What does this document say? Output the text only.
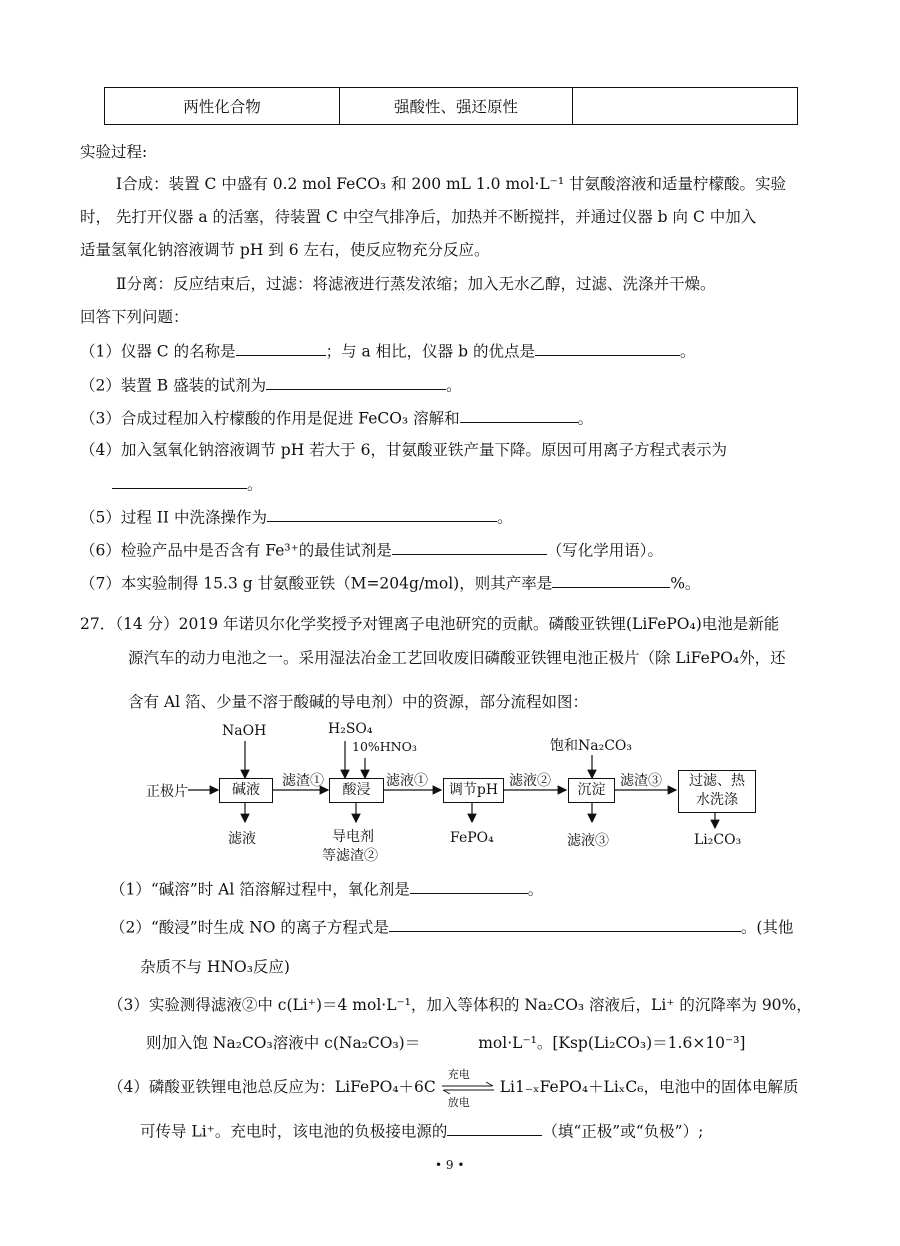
两性化合物	强酸性、强还原性	
实验过程:
Ⅰ合成：装置 C 中盛有 0.2 mol FeCO₃ 和 200 mL 1.0 mol·L⁻¹ 甘氨酸溶液和适量柠檬酸。实验
时， 先打开仪器 a 的活塞，待装置 C 中空气排净后，加热并不断搅拌，并通过仪器 b 向 C 中加入
适量氢氧化钠溶液调节 pH 到 6 左右，使反应物充分反应。
Ⅱ分离：反应结束后，过滤：将滤液进行蒸发浓缩；加入无水乙醇，过滤、洗涤并干燥。
回答下列问题：
（1）仪器 C 的名称是	；与 a 相比，仪器 b 的优点是	。
（2）装置 B 盛装的试剂为	。
（3）合成过程加入柠檬酸的作用是促进 FeCO₃ 溶解和	。
（4）加入氢氧化钠溶液调节 pH 若大于 6，甘氨酸亚铁产量下降。原因可用离子方程式表示为
。
（5）过程 II 中洗涤操作为	。
（6）检验产品中是否含有 Fe³⁺的最佳试剂是	（写化学用语）。
（7）本实验制得 15.3 g 甘氨酸亚铁（M=204g/mol)，则其产率是	%。
27．（14 分）2019 年诺贝尔化学奖授予对锂离子电池研究的贡献。磷酸亚铁锂(LiFePO₄)电池是新能
源汽车的动力电池之一。采用湿法冶金工艺回收废旧磷酸亚铁锂电池正极片（除 LiFePO₄外，还
含有 Al 箔、少量不溶于酸碱的导电剂）中的资源，部分流程如图：
正极片	碱液	酸浸	调节pH	沉淀
过滤、热
水洗涤
NaOH	H₂SO₄
10%HNO₃	饱和Na₂CO₃
滤渣①	滤液①	滤液②	滤渣③
滤液	导电剂
等滤渣②
FePO₄	滤液③	Li₂CO₃
（1）“碱溶”时 Al 箔溶解过程中，氧化剂是	。
（2）“酸浸”时生成 NO 的离子方程式是	。(其他
杂质不与 HNO₃反应)
（3）实验测得滤液②中 c(Li⁺)＝4 mol·L⁻¹，加入等体积的 Na₂CO₃ 溶液后，Li⁺ 的沉降率为 90%，
则加入饱 Na₂CO₃溶液中 c(Na₂CO₃)＝	mol·L⁻¹。[Ksp(Li₂CO₃)＝1.6×10⁻³]
（4）磷酸亚铁锂电池总反应为：LiFePO₄＋6C
充电
放电
Li1₋ₓFePO₄＋LiₓC₆，电池中的固体电解质
可传导 Li⁺。充电时，该电池的负极接电源的	（填“正极”或“负极”）;
• 9 •
